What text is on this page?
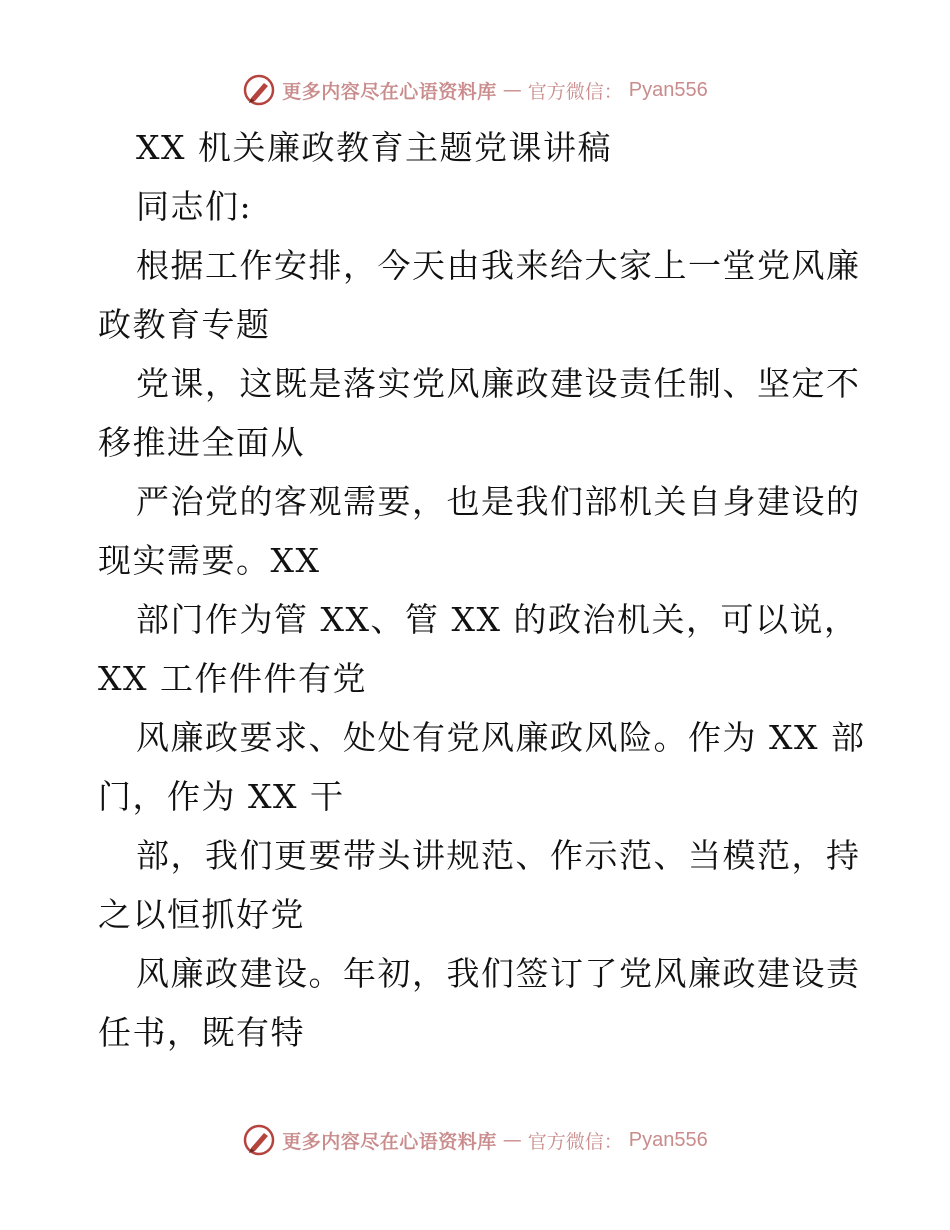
更多内容尽在心语资料库 — 官方微信： Pyan556
XX 机关廉政教育主题党课讲稿
同志们:
根据工作安排，今天由我来给大家上一堂党风廉
政教育专题
党课，这既是落实党风廉政建设责任制、坚定不
移推进全面从
严治党的客观需要，也是我们部机关自身建设的
现实需要。XX
部门作为管 XX、管 XX 的政治机关，可以说，
XX 工作件件有党
风廉政要求、处处有党风廉政风险。作为 XX 部
门，作为 XX 干
部，我们更要带头讲规范、作示范、当模范，持
之以恒抓好党
风廉政建设。年初，我们签订了党风廉政建设责
任书，既有特
更多内容尽在心语资料库 — 官方微信： Pyan556
